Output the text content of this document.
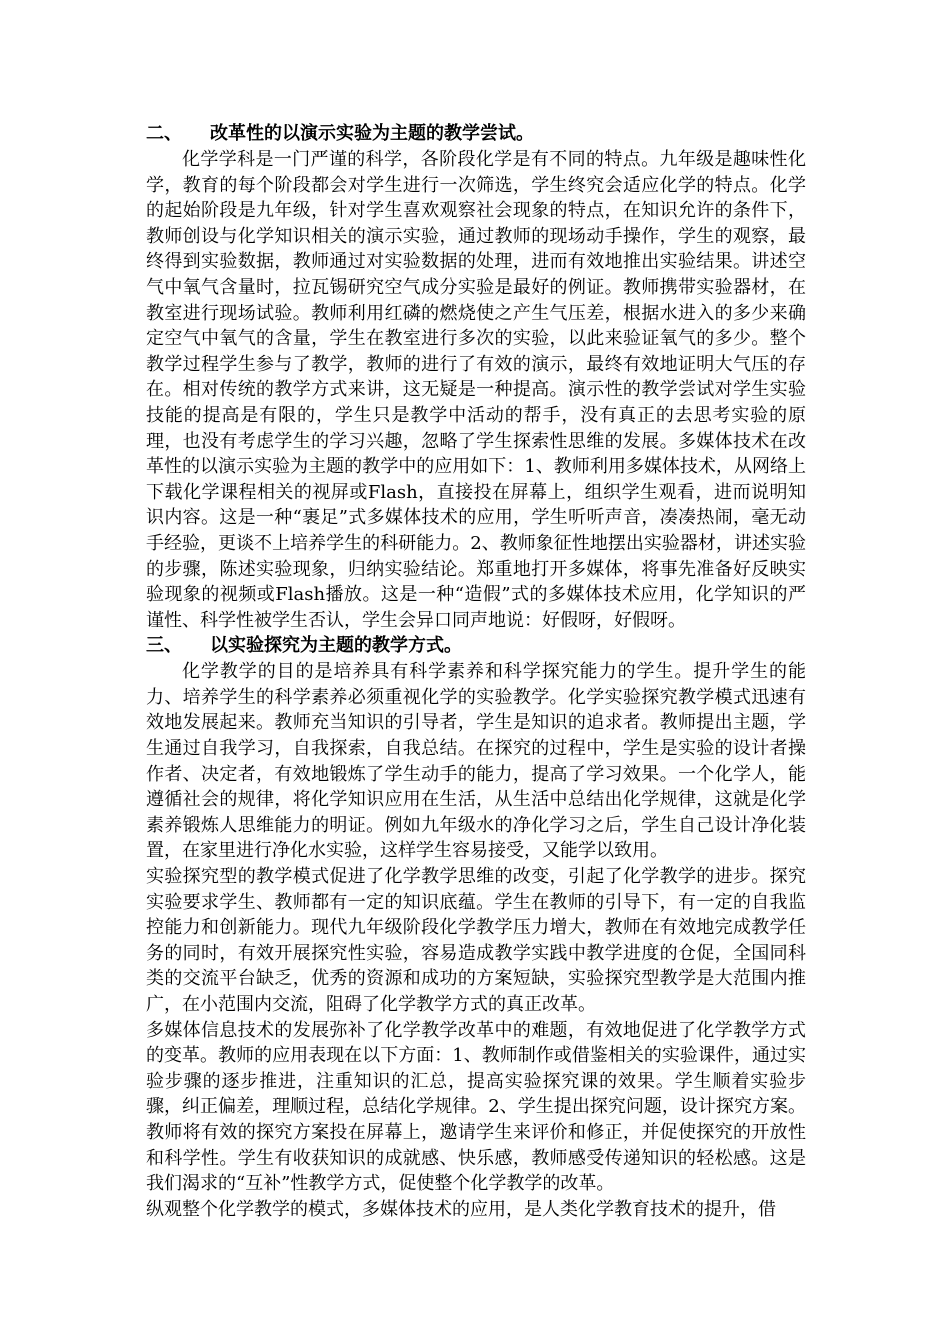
二、 改革性的以演示实验为主题的教学尝试。

化学学科是一门严谨的科学，各阶段化学是有不同的特点。九年级是趣味性化学，教育的每个阶段都会对学生进行一次筛选，学生终究会适应化学的特点。化学的起始阶段是九年级，针对学生喜欢观察社会现象的特点，在知识允许的条件下，教师创设与化学知识相关的演示实验，通过教师的现场动手操作，学生的观察，最终得到实验数据，教师通过对实验数据的处理，进而有效地推出实验结果。讲述空气中氧气含量时，拉瓦锡研究空气成分实验是最好的例证。教师携带实验器材，在教室进行现场试验。教师利用红磷的燃烧使之产生气压差，根据水进入的多少来确定空气中氧气的含量，学生在教室进行多次的实验，以此来验证氧气的多少。整个教学过程学生参与了教学，教师的进行了有效的演示，最终有效地证明大气压的存在。相对传统的教学方式来讲，这无疑是一种提高。演示性的教学尝试对学生实验技能的提高是有限的，学生只是教学中活动的帮手，没有真正的去思考实验的原理，也没有考虑学生的学习兴趣，忽略了学生探索性思维的发展。多媒体技术在改革性的以演示实验为主题的教学中的应用如下：1、教师利用多媒体技术，从网络上下载化学课程相关的视屏或Flash，直接投在屏幕上，组织学生观看，进而说明知识内容。这是一种“裹足”式多媒体技术的应用，学生听听声音，凑凑热闹，毫无动手经验，更谈不上培养学生的科研能力。2、教师象征性地摆出实验器材，讲述实验的步骤，陈述实验现象，归纳实验结论。郑重地打开多媒体，将事先准备好反映实验现象的视频或Flash播放。这是一种“造假”式的多媒体技术应用，化学知识的严谨性、科学性被学生否认，学生会异口同声地说：好假呀，好假呀。

三、 以实验探究为主题的教学方式。

化学教学的目的是培养具有科学素养和科学探究能力的学生。提升学生的能力、培养学生的科学素养必须重视化学的实验教学。化学实验探究教学模式迅速有效地发展起来。教师充当知识的引导者，学生是知识的追求者。教师提出主题，学生通过自我学习，自我探索，自我总结。在探究的过程中，学生是实验的设计者操作者、决定者，有效地锻炼了学生动手的能力，提高了学习效果。一个化学人，能遵循社会的规律，将化学知识应用在生活，从生活中总结出化学规律，这就是化学素养锻炼人思维能力的明证。例如九年级水的净化学习之后，学生自己设计净化装置，在家里进行净化水实验，这样学生容易接受，又能学以致用。

实验探究型的教学模式促进了化学教学思维的改变，引起了化学教学的进步。探究实验要求学生、教师都有一定的知识底蕴。学生在教师的引导下，有一定的自我监控能力和创新能力。现代九年级阶段化学教学压力增大，教师在有效地完成教学任务的同时，有效开展探究性实验，容易造成教学实践中教学进度的仓促，全国同科类的交流平台缺乏，优秀的资源和成功的方案短缺，实验探究型教学是大范围内推广，在小范围内交流，阻碍了化学教学方式的真正改革。

多媒体信息技术的发展弥补了化学教学改革中的难题，有效地促进了化学教学方式的变革。教师的应用表现在以下方面：1、教师制作或借鉴相关的实验课件，通过实验步骤的逐步推进，注重知识的汇总，提高实验探究课的效果。学生顺着实验步骤，纠正偏差，理顺过程，总结化学规律。2、学生提出探究问题，设计探究方案。教师将有效的探究方案投在屏幕上，邀请学生来评价和修正，并促使探究的开放性和科学性。学生有收获知识的成就感、快乐感，教师感受传递知识的轻松感。这是我们渴求的“互补”性教学方式，促使整个化学教学的改革。

纵观整个化学教学的模式，多媒体技术的应用，是人类化学教育技术的提升，借
